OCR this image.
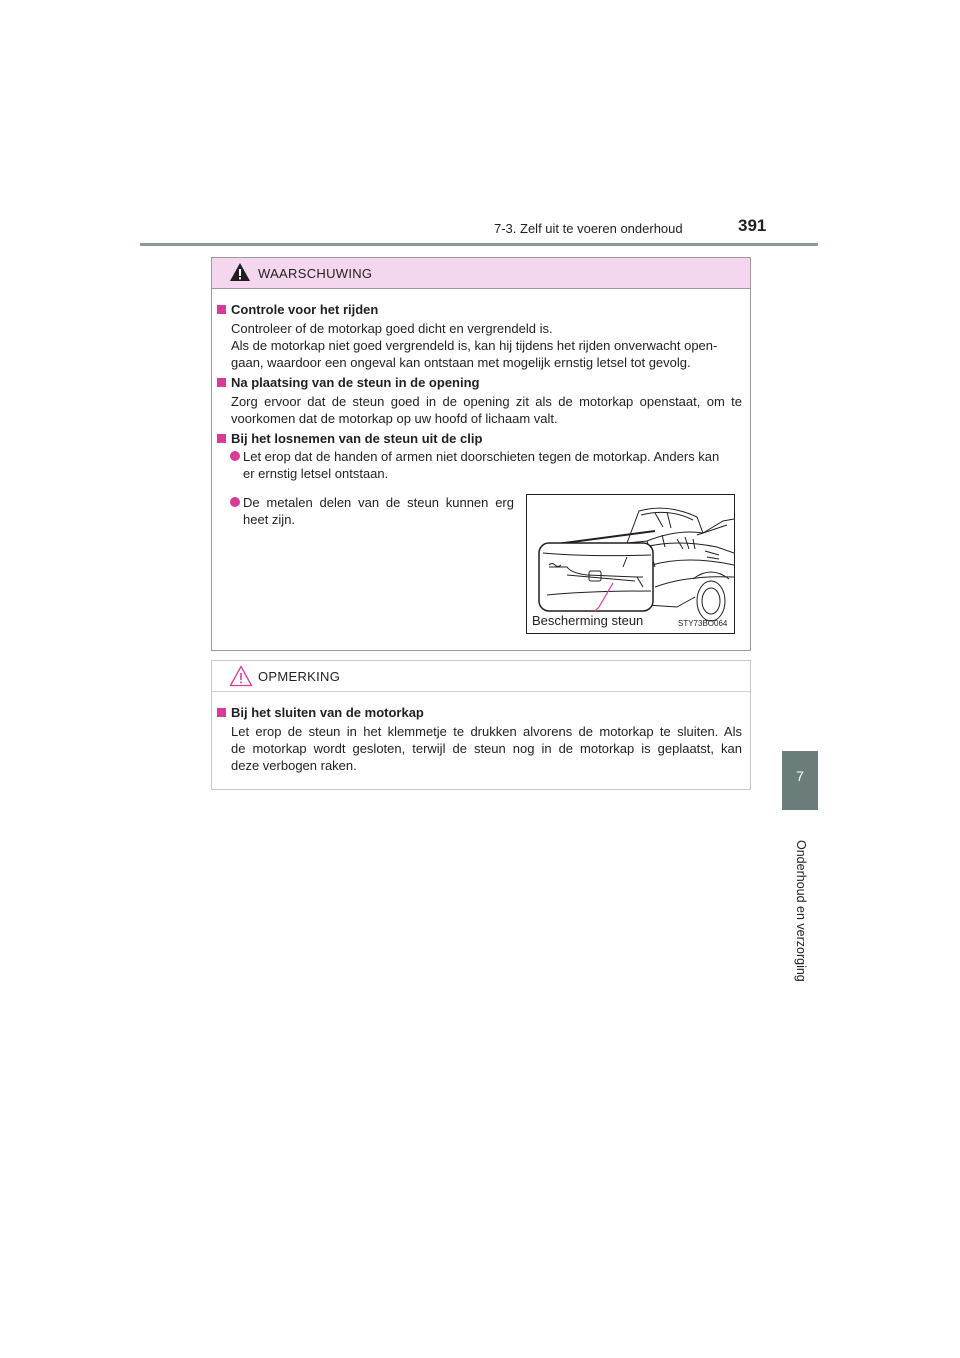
7-3. Zelf uit te voeren onderhoud	391
7
Onderhoud en verzorging
WAARSCHUWING
Controle voor het rijden
Controleer of de motorkap goed dicht en vergrendeld is.
Als de motorkap niet goed vergrendeld is, kan hij tijdens het rijden onverwacht open-
gaan, waardoor een ongeval kan ontstaan met mogelijk ernstig letsel tot gevolg.
Na plaatsing van de steun in de opening
Zorg ervoor dat de steun goed in de opening zit als de motorkap openstaat, om te
voorkomen dat de motorkap op uw hoofd of lichaam valt.
Bij het losnemen van de steun uit de clip
Let erop dat de handen of armen niet doorschieten tegen de motorkap. Anders kan
er ernstig letsel ontstaan.
De metalen delen van de steun kunnen erg
heet zijn.
Bescherming steun	STY73BO064
OPMERKING
Bij het sluiten van de motorkap
Let erop de steun in het klemmetje te drukken alvorens de motorkap te sluiten. Als
de motorkap wordt gesloten, terwijl de steun nog in de motorkap is geplaatst, kan
deze verbogen raken.
